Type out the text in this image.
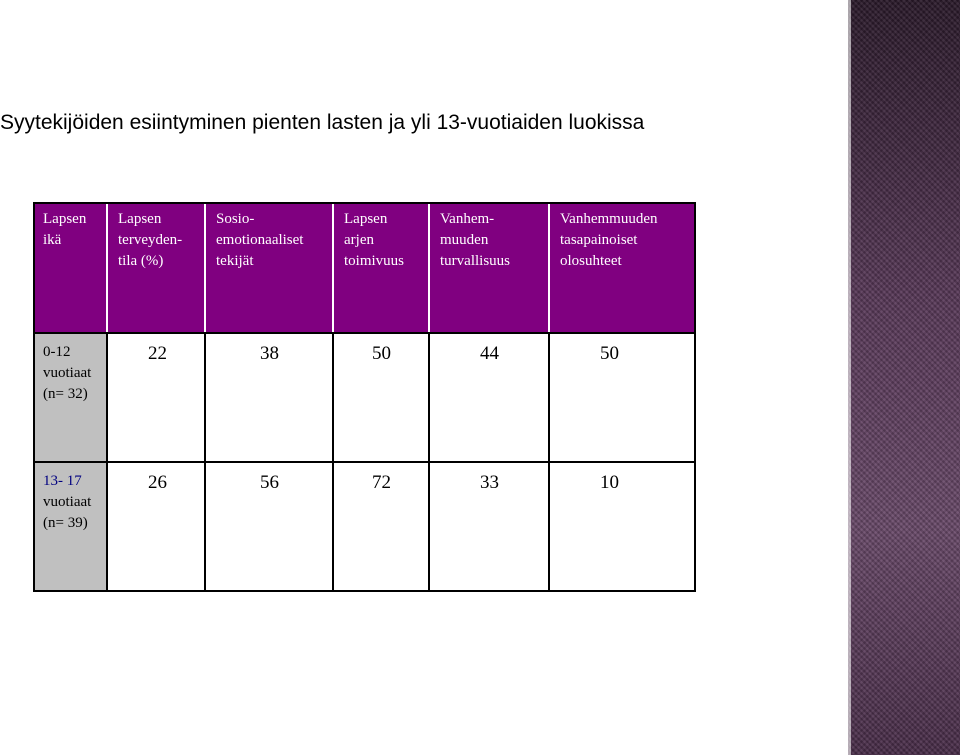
Syytekijöiden esiintyminen pienten lasten ja yli 13-vuotiaiden luokissa
Lapsen
ikä	Lapsen
terveyden-
tila (%)	Sosio-
emotionaaliset
tekijät	Lapsen
arjen
toimivuus	Vanhem-
muuden
turvallisuus	Vanhemmuuden
tasapainoiset
olosuhteet

0-12
vuotiaat
(n= 32)	22	38	50	44	50

13- 17
vuotiaat
(n= 39)	26	56	72	33	10
